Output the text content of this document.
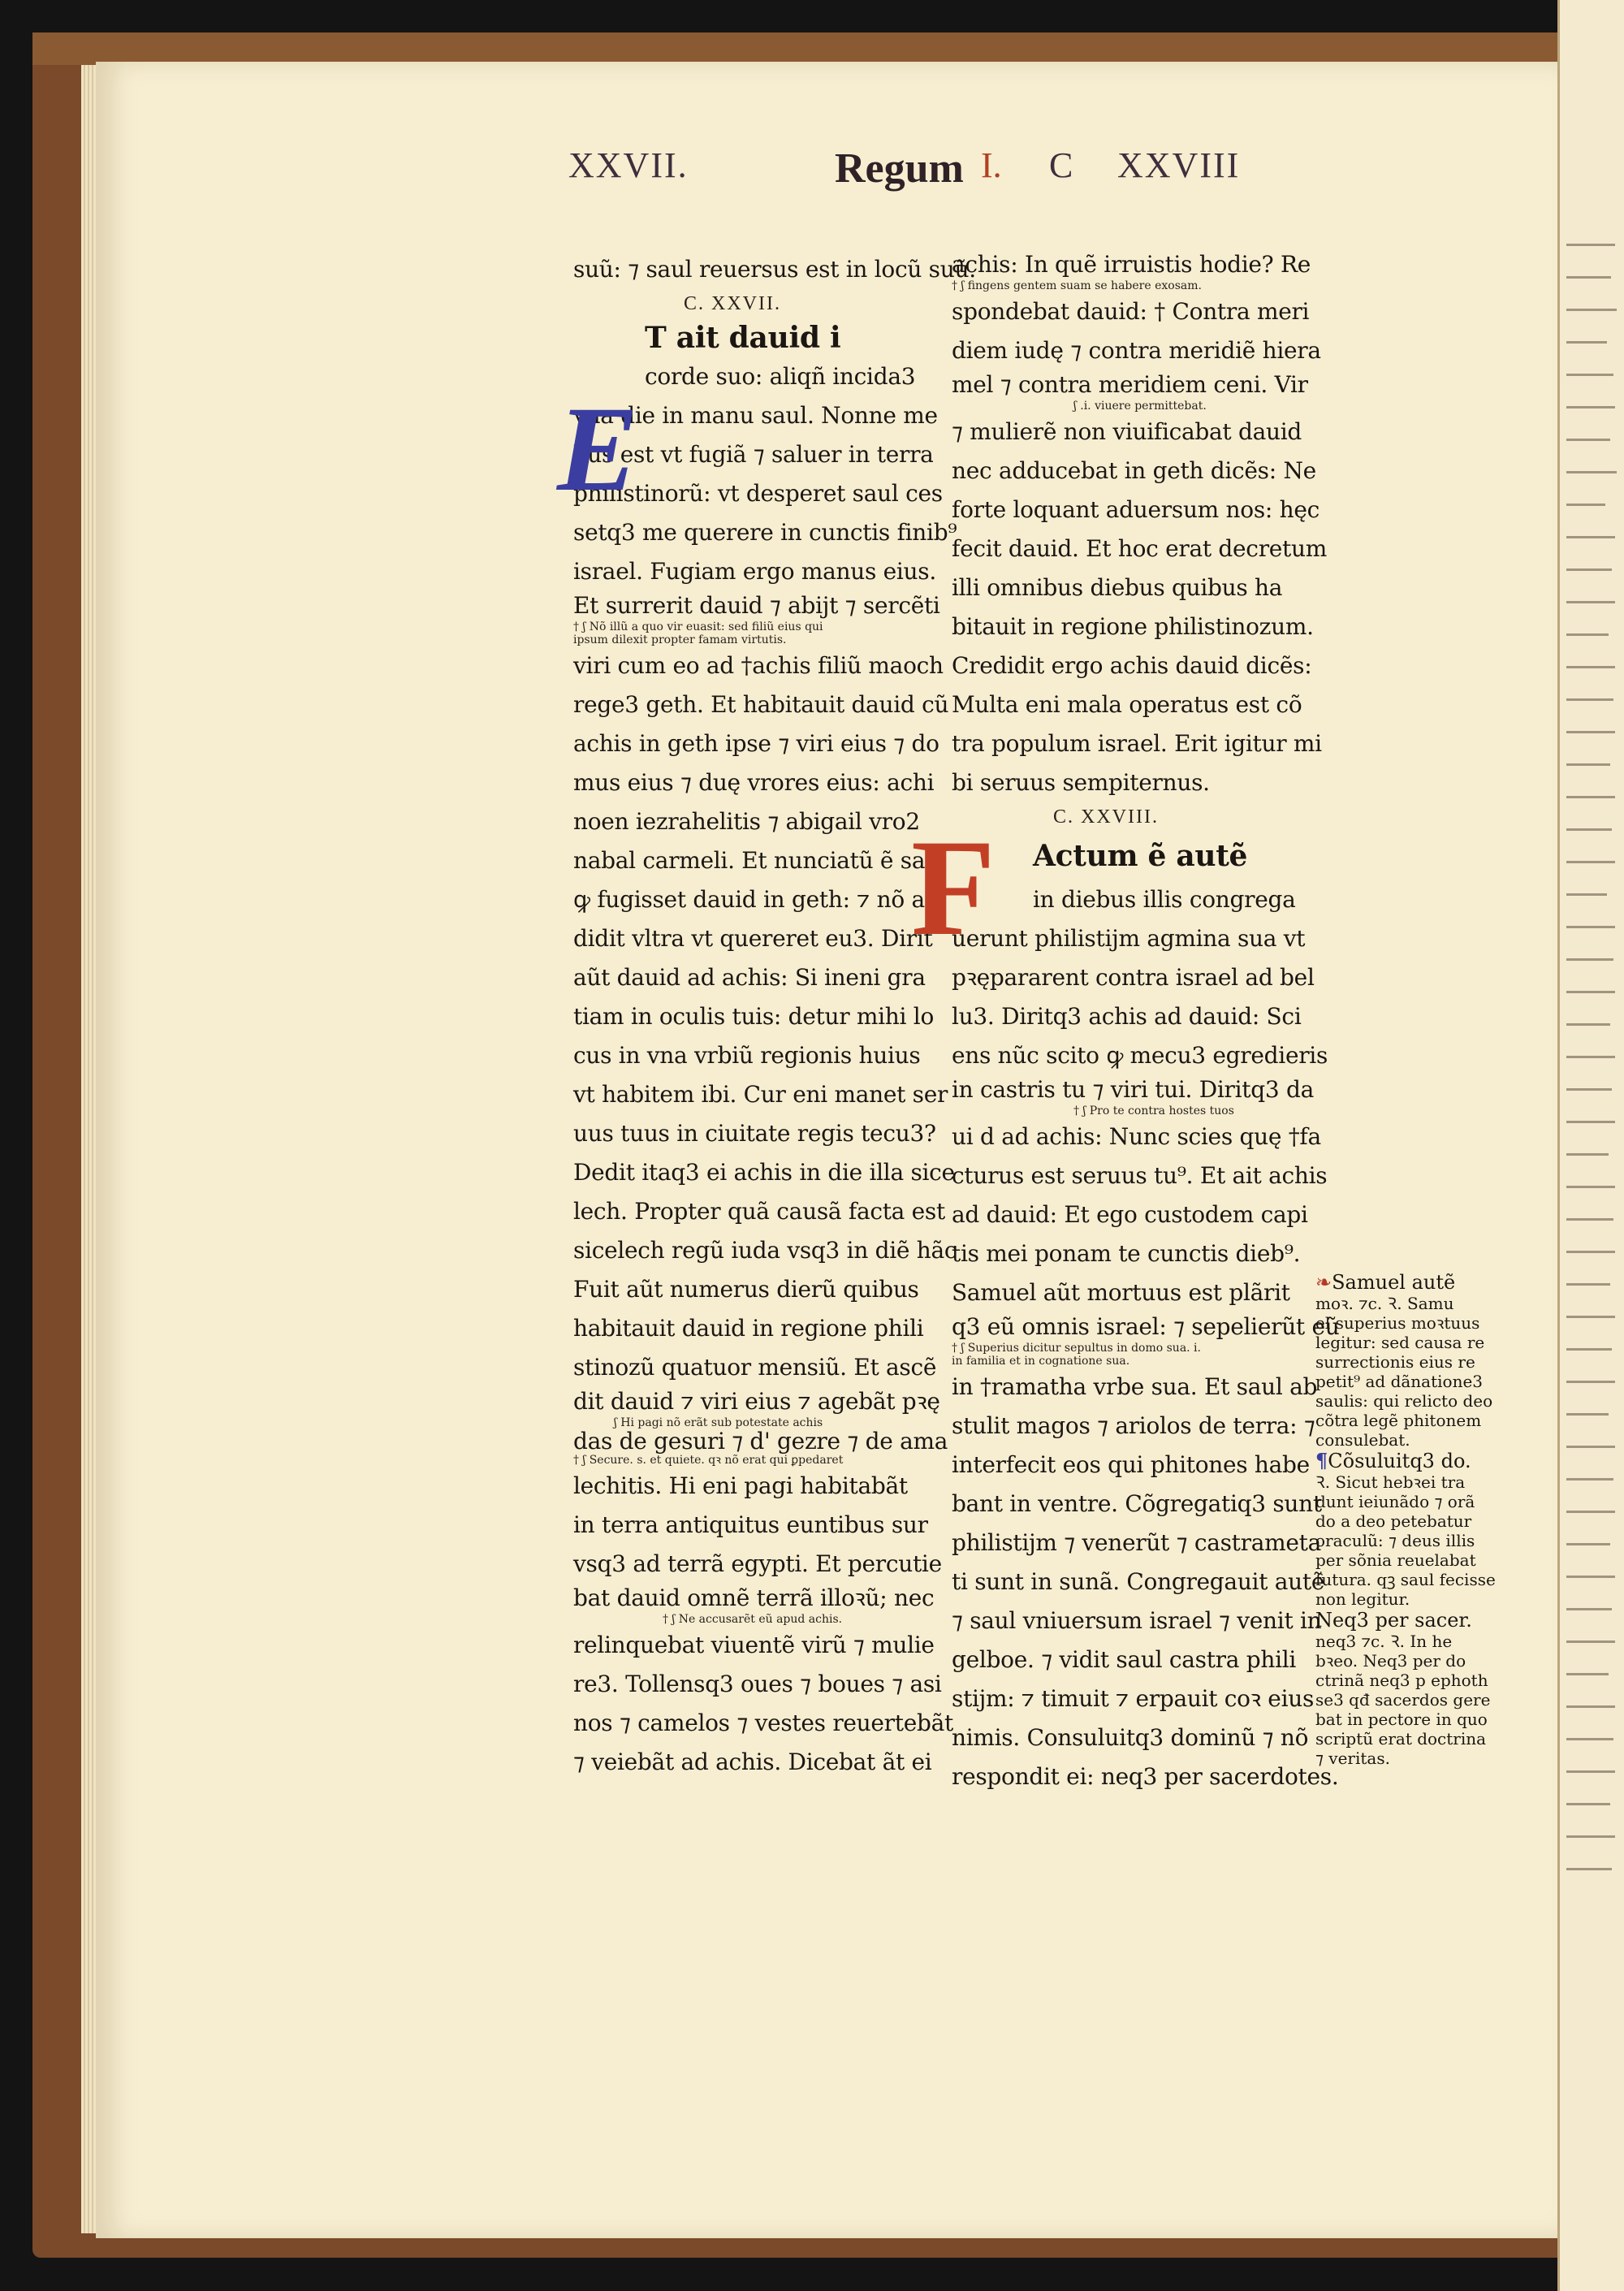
XXVII.	Regum I. C XXVIII
suũ: ⁊ saul reuersus est in locũ suũ.
C. XXVII.
E
T ait dauid i
corde suo: aliqñ incida3
vna die in manu saul. Nonne me
lius est vt fugiã ⁊ saluer in terra
philistinorũ: vt desperet saul ces
setq3 me querere in cunctis finib⁹
israel. Fugiam ergo manus eius.
Et surrerit dauid ⁊ abijt ⁊ sercẽti
† ʃ Nõ illũ a quo vir euasit: sed filiũ eius qui
ipsum dilexit propter famam virtutis.
viri cum eo ad †achis filiũ maoch
rege3 geth. Et habitauit dauid cũ
achis in geth ipse ⁊ viri eius ⁊ do
mus eius ⁊ duę vrores eius: achi
noen iezrahelitis ⁊ abigail vro2
nabal carmeli. Et nunciatũ ẽ saul
ꝙ fugisset dauid in geth: ⁊ nõ ad
didit vltra vt quereret eu3. Dirit
aũt dauid ad achis: Si ineni gra
tiam in oculis tuis: detur mihi lo
cus in vna vrbiũ regionis huius
vt habitem ibi. Cur eni manet ser
uus tuus in ciuitate regis tecu3?
Dedit itaq3 ei achis in die illa sice
lech. Propter quã causã facta est
sicelech regũ iuda vsq3 in diẽ hãc
Fuit aũt numerus dierũ quibus
habitauit dauid in regione phili
stinozũ quatuor mensiũ. Et ascẽ
dit dauid ⁊ viri eius ⁊ agebãt pꝛę
ʃ Hi pagi nõ erãt sub potestate achis
das de gesuri ⁊ d' gezre ⁊ de ama
† ʃ Secure. s. et quiete. qꝛ nõ erat qui ꝑpedaret
lechitis. Hi eni pagi habitabãt
in terra antiquitus euntibus sur
vsq3 ad terrã egypti. Et percutie
bat dauid omnẽ terrã illoꝛũ; nec
† ʃ Ne accusarẽt eũ apud achis.
relinquebat viuentẽ virũ ⁊ mulie
re3. Tollensq3 oues ⁊ boues ⁊ asi
nos ⁊ camelos ⁊ vestes reuertebãt
⁊ veiebãt ad achis. Dicebat ãt ei
achis: In quẽ irruistis hodie? Re
† ʃ fingens gentem suam se habere exosam.
spondebat dauid: † Contra meri
diem iudę ⁊ contra meridiẽ hiera
mel ⁊ contra meridiem ceni. Vir
ʃ .i. viuere permittebat.
⁊ mulierẽ non viuificabat dauid
nec adducebat in geth dicẽs: Ne
forte loquant aduersum nos: hęc
fecit dauid. Et hoc erat decretum
illi omnibus diebus quibus ha
bitauit in regione philistinozum.
Credidit ergo achis dauid dicẽs:
Multa eni mala operatus est cõ
tra populum israel. Erit igitur mi
bi seruus sempiternus.
C. XXVIII.
F	Actum ẽ autẽ
in diebus illis congrega
uerunt philistijm agmina sua vt
pꝛępararent contra israel ad bel
lu3. Diritq3 achis ad dauid: Sci
ens nũc scito ꝙ mecu3 egredieris
in castris tu ⁊ viri tui. Diritq3 da
† ʃ Pro te contra hostes tuos
ui d ad achis: Nunc scies quę †fa
cturus est seruus tu⁹. Et ait achis
ad dauid: Et ego custodem capi
tis mei ponam te cunctis dieb⁹.
Samuel aũt mortuus est plãrit
q3 eũ omnis israel: ⁊ sepelierũt eũ
† ʃ Superius dicitur sepultus in domo sua. i.
in familia et in cognatione sua.
in †ramatha vrbe sua. Et saul ab
stulit magos ⁊ ariolos de terra: ⁊
interfecit eos qui phitones habe
bant in ventre. Cõgregatiq3 sunt
philistijm ⁊ venerũt ⁊ castrameta
ti sunt in sunã. Congregauit autẽ
⁊ saul vniuersum israel ⁊ venit in
gelboe. ⁊ vidit saul castra phili
stijm: ⁊ timuit ⁊ erpauit coꝛ eius
nimis. Consuluitq3 dominũ ⁊ nõ
respondit ei: neq3 per sacerdotes.
❧Samuel autẽ
moꝛ. ⁊c. Ꝛ. Samu
el superius moꝛtuus
legitur: sed causa re
surrectionis eius re
petit⁹ ad dãnatione3
saulis: qui relicto deo
cõtra legẽ phitonem
consulebat.
¶Cõsuluitq3 do.
Ꝛ. Sicut hebꝛei tra
dunt ieiunãdo ⁊ orã
do a deo petebatur
oraculũ: ⁊ deus illis
per sõnia reuelabat
futura. qꝫ saul fecisse
non legitur.
Neq3 per sacer.
neq3 ⁊c. Ꝛ. In he
bꝛeo. Neq3 per do
ctrinã neq3 p ephoth
se3 qđ sacerdos gere
bat in pectore in quo
scriptũ erat doctrina
⁊ veritas.
